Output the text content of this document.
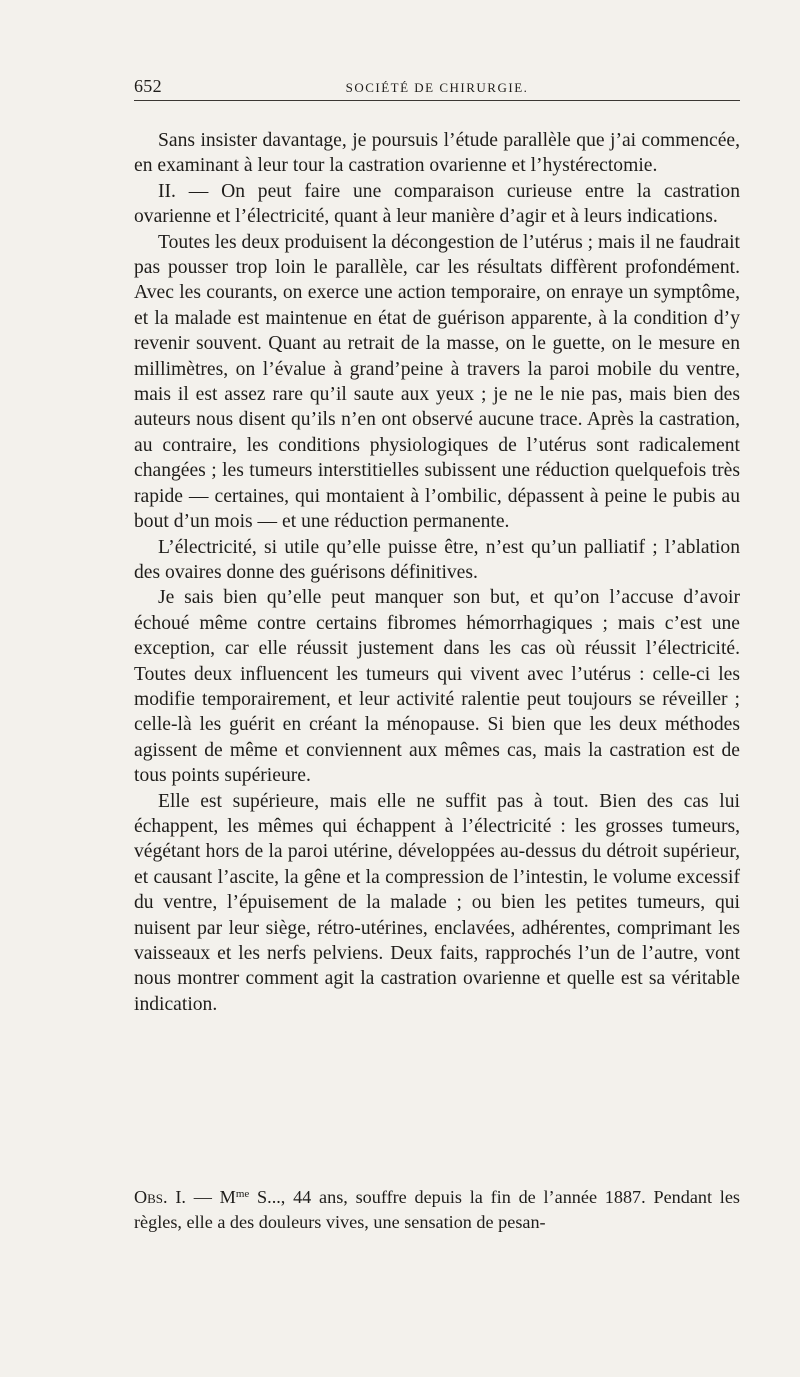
652	SOCIÉTÉ DE CHIRURGIE.

Sans insister davantage, je poursuis l’étude parallèle que j’ai commencée, en examinant à leur tour la castration ovarienne et l’hystérectomie.

II. — On peut faire une comparaison curieuse entre la castration ovarienne et l’électricité, quant à leur manière d’agir et à leurs indications.

Toutes les deux produisent la décongestion de l’utérus ; mais il ne faudrait pas pousser trop loin le parallèle, car les résultats diffèrent profondément. Avec les courants, on exerce une action temporaire, on enraye un symptôme, et la malade est maintenue en état de guérison apparente, à la condition d’y revenir souvent. Quant au retrait de la masse, on le guette, on le mesure en millimètres, on l’évalue à grand’peine à travers la paroi mobile du ventre, mais il est assez rare qu’il saute aux yeux ; je ne le nie pas, mais bien des auteurs nous disent qu’ils n’en ont observé aucune trace. Après la castration, au contraire, les conditions physiologiques de l’utérus sont radicalement changées ; les tumeurs interstitielles subissent une réduction quelquefois très rapide — certaines, qui montaient à l’ombilic, dépassent à peine le pubis au bout d’un mois — et une réduction permanente.

L’électricité, si utile qu’elle puisse être, n’est qu’un palliatif ; l’ablation des ovaires donne des guérisons définitives.

Je sais bien qu’elle peut manquer son but, et qu’on l’accuse d’avoir échoué même contre certains fibromes hémorrhagiques ; mais c’est une exception, car elle réussit justement dans les cas où réussit l’électricité. Toutes deux influencent les tumeurs qui vivent avec l’utérus : celle-ci les modifie temporairement, et leur activité ralentie peut toujours se réveiller ; celle-là les guérit en créant la ménopause. Si bien que les deux méthodes agissent de même et conviennent aux mêmes cas, mais la castration est de tous points supérieure.

Elle est supérieure, mais elle ne suffit pas à tout. Bien des cas lui échappent, les mêmes qui échappent à l’électricité : les grosses tumeurs, végétant hors de la paroi utérine, développées au-dessus du détroit supérieur, et causant l’ascite, la gêne et la compression de l’intestin, le volume excessif du ventre, l’épuisement de la malade ; ou bien les petites tumeurs, qui nuisent par leur siège, rétro-utérines, enclavées, adhérentes, comprimant les vaisseaux et les nerfs pelviens. Deux faits, rapprochés l’un de l’autre, vont nous montrer comment agit la castration ovarienne et quelle est sa véritable indication.

Obs. I. — $M^{me}$ S..., 44 ans, souffre depuis la fin de l’année 1887. Pendant les règles, elle a des douleurs vives, une sensation de pesan-
